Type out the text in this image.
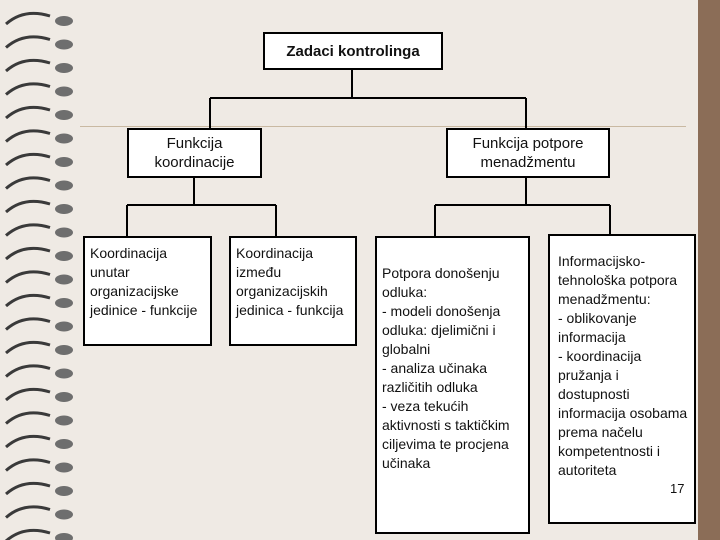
Zadaci kontrolinga
Funkcija koordinacije
Funkcija potpore menadžmentu
Koordinacija unutar organizacijske jedinice - funkcije
Koordinacija između organizacijskih jedinica - funkcija
Potpora donošenju odluka:
- modeli donošenja odluka: djelimični i globalni
- analiza učinaka različitih odluka
- veza tekućih aktivnosti s taktičkim ciljevima te procjena učinaka
Informacijsko-tehnološka potpora menadžmentu:
- oblikovanje informacija
- koordinacija pružanja i dostupnosti informacija osobama prema načelu kompetentnosti i autoriteta
17
